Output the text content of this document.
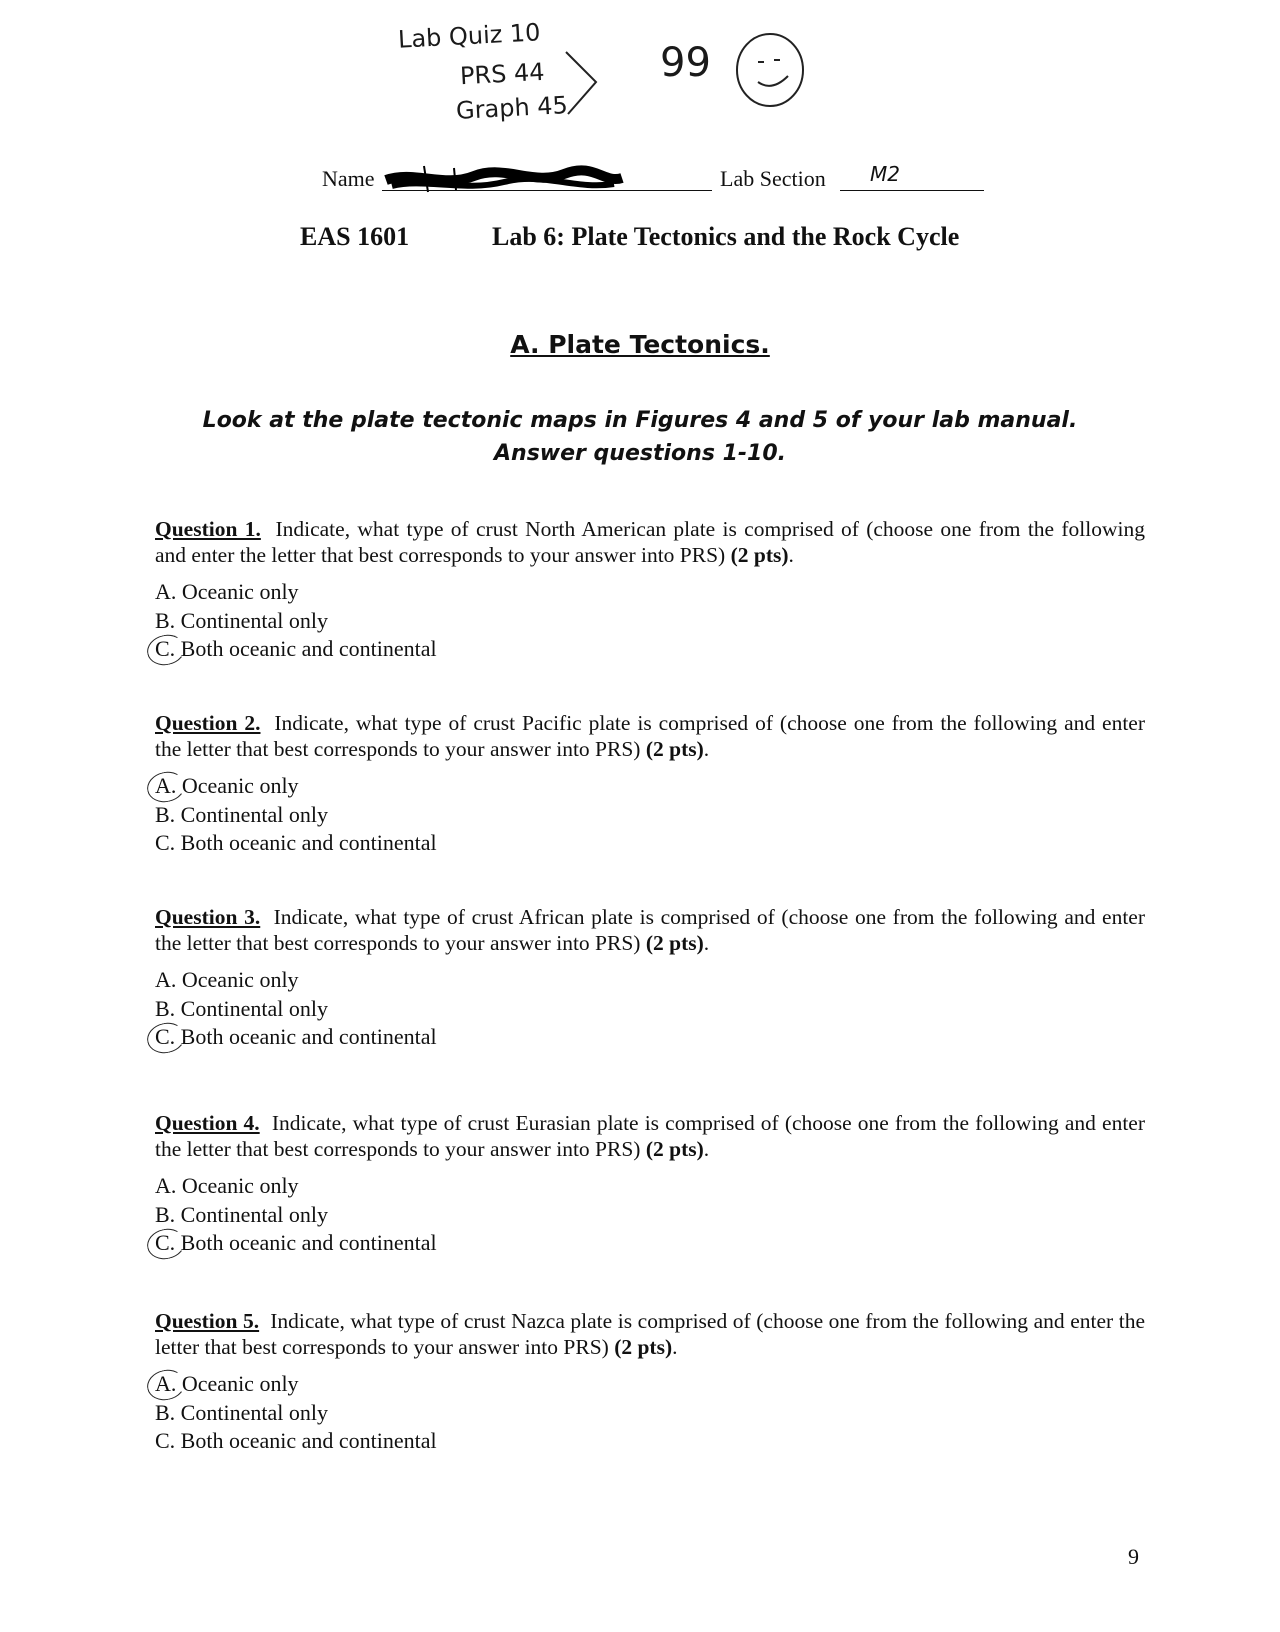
Lab Quiz 10
PRS 44
Graph 45
99
Name	Lab Section M2
EAS 1601	Lab 6: Plate Tectonics and the Rock Cycle
A. Plate Tectonics.
Look at the plate tectonic maps in Figures 4 and 5 of your lab manual.
Answer questions 1-10.

Question 1. Indicate, what type of crust North American plate is comprised of (choose one from the following and enter the letter that best corresponds to your answer into PRS) (2 pts).

A. Oceanic only
B. Continental only
C. Both oceanic and continental

Question 2. Indicate, what type of crust Pacific plate is comprised of (choose one from the following and enter the letter that best corresponds to your answer into PRS) (2 pts).

A. Oceanic only
B. Continental only
C. Both oceanic and continental

Question 3. Indicate, what type of crust African plate is comprised of (choose one from the following and enter the letter that best corresponds to your answer into PRS) (2 pts).

A. Oceanic only
B. Continental only
C. Both oceanic and continental

Question 4. Indicate, what type of crust Eurasian plate is comprised of (choose one from the following and enter the letter that best corresponds to your answer into PRS) (2 pts).

A. Oceanic only
B. Continental only
C. Both oceanic and continental

Question 5. Indicate, what type of crust Nazca plate is comprised of (choose one from the following and enter the letter that best corresponds to your answer into PRS) (2 pts).

A. Oceanic only
B. Continental only
C. Both oceanic and continental
9
